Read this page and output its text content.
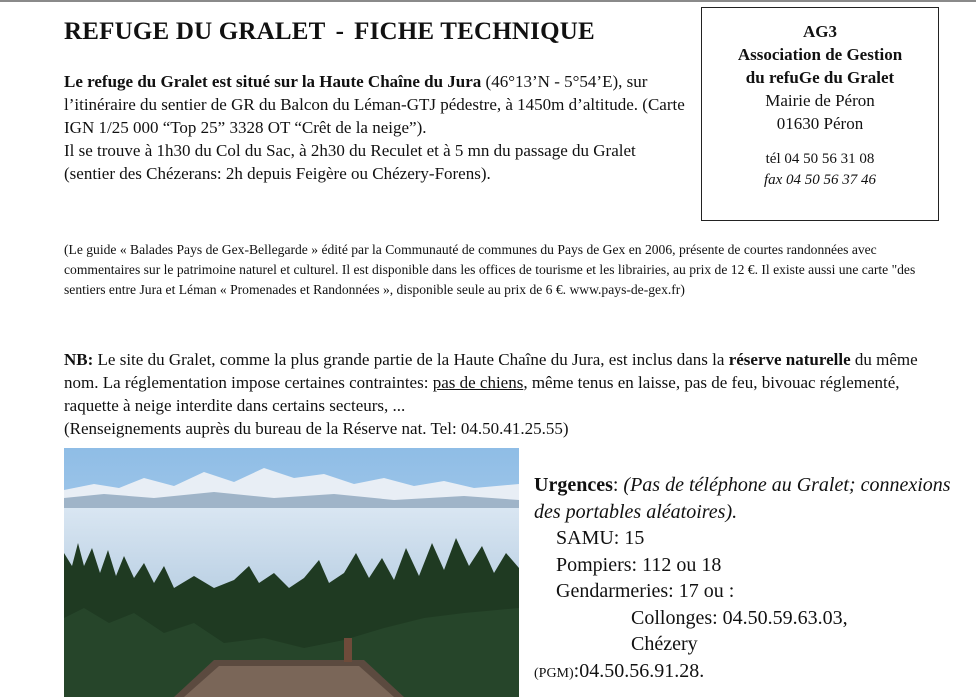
REFUGE DU GRALET - FICHE TECHNIQUE	AG3
Association de Gestion
du refuGe du Gralet
Mairie de Péron
01630 Péron
tél 04 50 56 31 08
fax 04 50 56 37 46
Le refuge du Gralet est situé sur la Haute Chaîne du Jura (46°13’N - 5°54’E), sur l’itinéraire du sentier de GR du Balcon du Léman-GTJ pédestre, à 1450m d’altitude. (Carte IGN 1/25 000 “Top 25” 3328 OT “Crêt de la neige”).
Il se trouve à 1h30 du Col du Sac, à 2h30 du Reculet et à 5 mn du passage du Gralet (sentier des Chézerans: 2h depuis Feigère ou Chézery-Forens).
(Le guide « Balades Pays de Gex-Bellegarde » édité par la Communauté de communes du Pays de Gex en 2006, présente de courtes randonnées avec commentaires sur le patrimoine naturel et culturel. Il est disponible dans les offices de tourisme et les librairies, au prix de 12 €. Il existe aussi une carte "des sentiers entre Jura et Léman « Promenades et Randonnées », disponible seule au prix de 6 €. www.pays-de-gex.fr)
NB: Le site du Gralet, comme la plus grande partie de la Haute Chaîne du Jura, est inclus dans la réserve naturelle du même nom. La réglementation impose certaines contraintes: pas de chiens, même tenus en laisse, pas de feu, bivouac réglementé, raquette à neige interdite dans certains secteurs, ...
(Renseignements auprès du bureau de la Réserve nat. Tel: 04.50.41.25.55)
Urgences: (Pas de téléphone au Gralet; connexions des portables aléatoires).
SAMU: 15
Pompiers: 112 ou 18
Gendarmeries: 17 ou :
Collonges: 04.50.59.63.03,
Chézery
(PGM):04.50.56.91.28.
